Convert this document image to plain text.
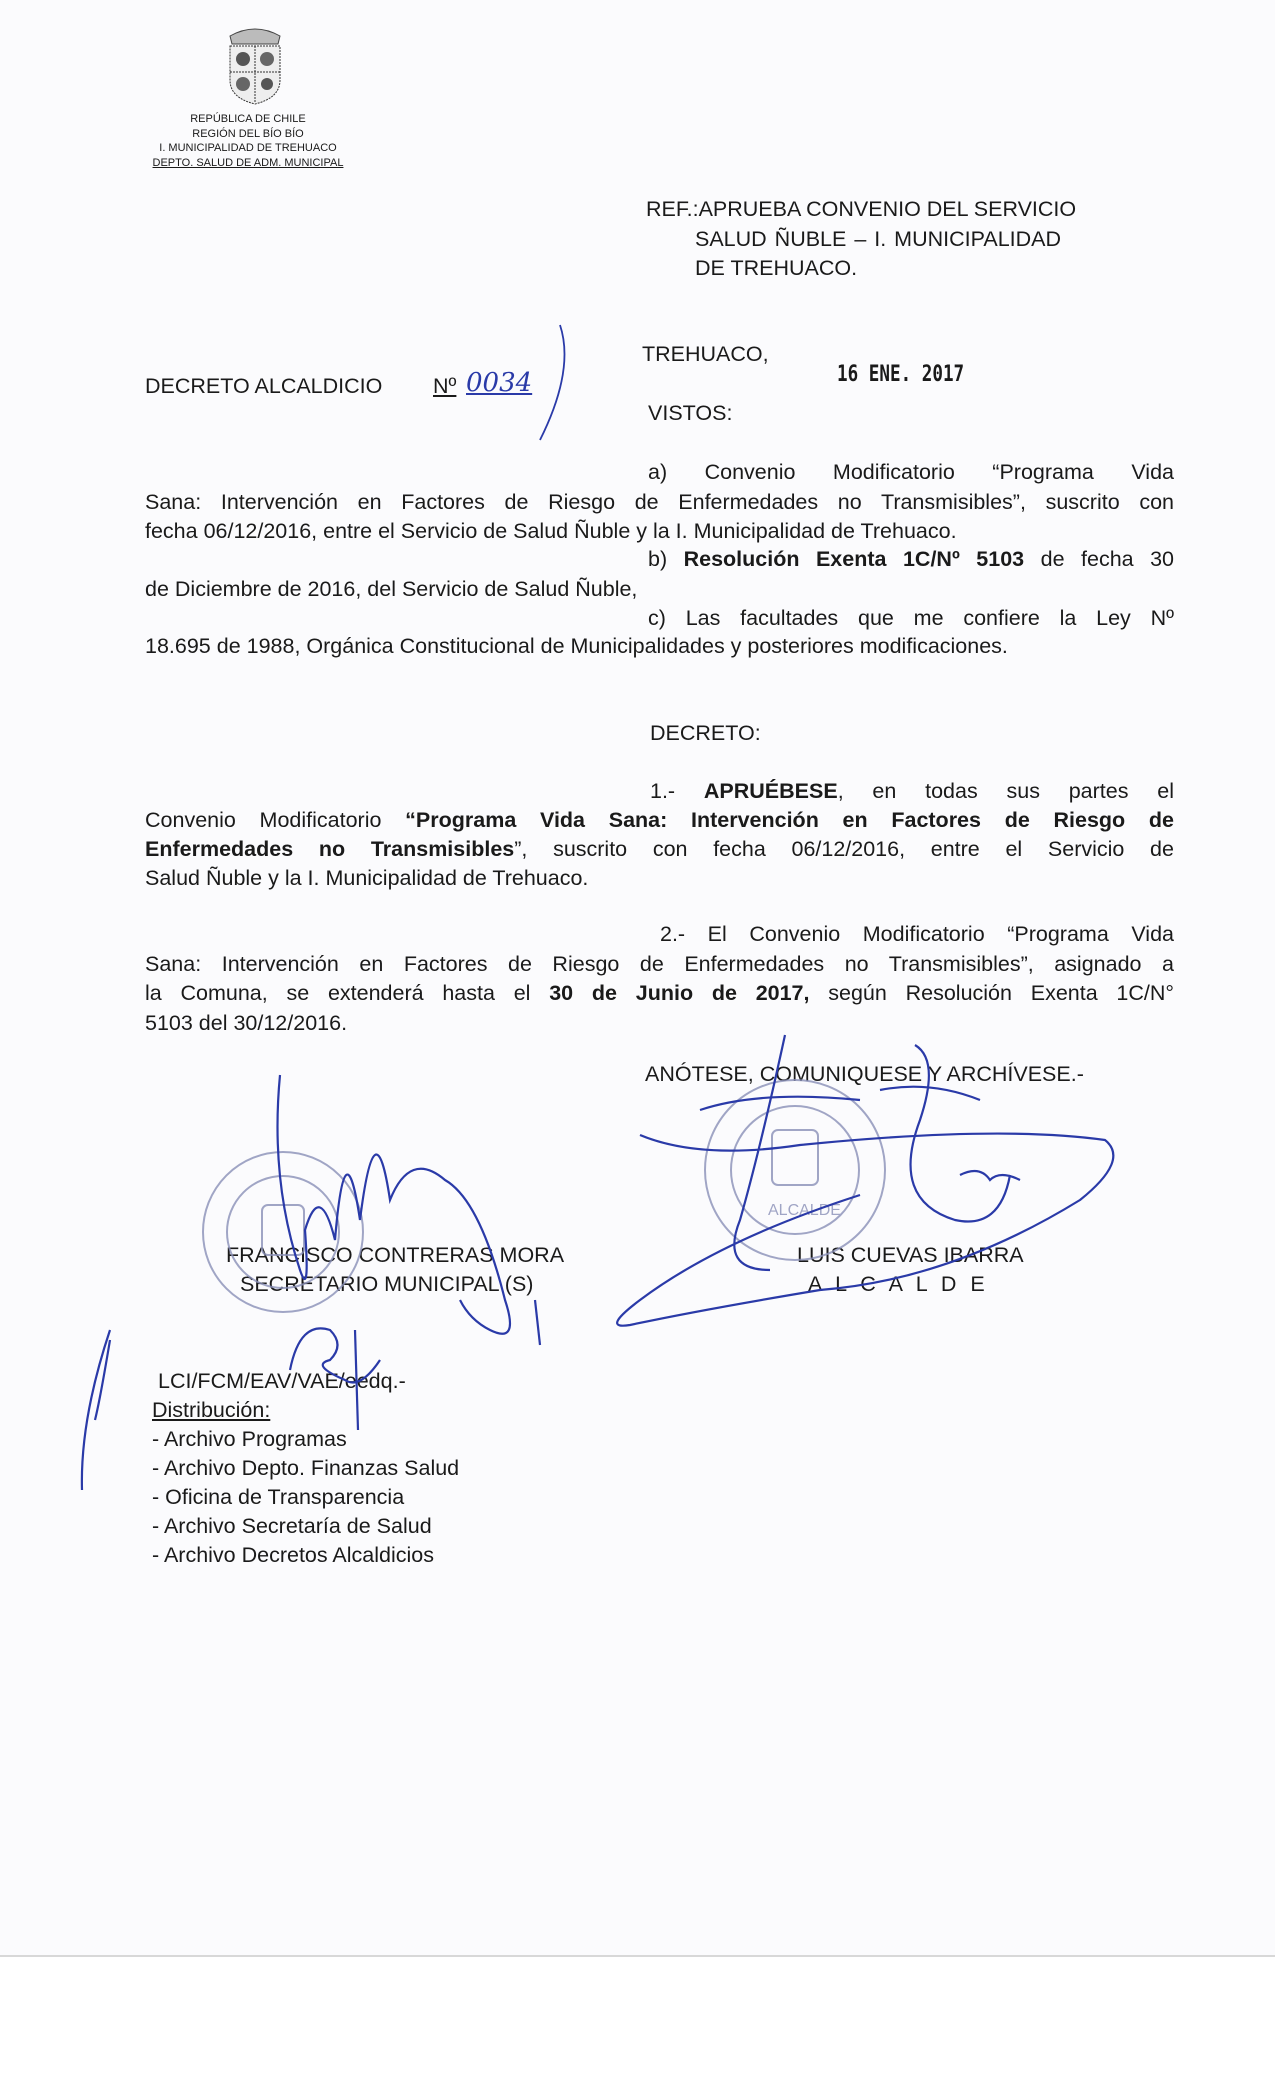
REPÚBLICA DE CHILE
REGIÓN DEL BÍO BÍO
I. MUNICIPALIDAD DE TREHUACO
DEPTO. SALUD DE ADM. MUNICIPAL
REF.:APRUEBA CONVENIO DEL SERVICIO
SALUD ÑUBLE – I. MUNICIPALIDAD
DE TREHUACO.
TREHUACO,
16 ENE. 2017
DECRETO ALCALDICIO Nº 0034
VISTOS:
DECRETO:
a) Convenio Modificatorio “Programa Vida
Sana: Intervención en Factores de Riesgo de Enfermedades no Transmisibles”, suscrito con
fecha 06/12/2016, entre el Servicio de Salud Ñuble y la I. Municipalidad de Trehuaco.
b) Resolución Exenta 1C/Nº 5103 de fecha 30
de Diciembre de 2016, del Servicio de Salud Ñuble,
c) Las facultades que me confiere la Ley Nº
18.695 de 1988, Orgánica Constitucional de Municipalidades y posteriores modificaciones.
1.- APRUÉBESE, en todas sus partes el
Convenio Modificatorio “Programa Vida Sana: Intervención en Factores de Riesgo de
Enfermedades no Transmisibles”, suscrito con fecha 06/12/2016, entre el Servicio de
Salud Ñuble y la I. Municipalidad de Trehuaco.
2.- El Convenio Modificatorio “Programa Vida
Sana: Intervención en Factores de Riesgo de Enfermedades no Transmisibles”, asignado a
la Comuna, se extenderá hasta el 30 de Junio de 2017, según Resolución Exenta 1C/N°
5103 del 30/12/2016.
ANÓTESE, COMUNIQUESE Y ARCHÍVESE.-
FRANCISCO CONTRERAS MORA
SECRETARIO MUNICIPAL (S)
LUIS CUEVAS IBARRA
A L C A L D E
LCI/FCM/EAV/VAE/eedq.-
Distribución:
- Archivo Programas
- Archivo Depto. Finanzas Salud
- Oficina de Transparencia
- Archivo Secretaría de Salud
- Archivo Decretos Alcaldicios
ALCALDE
